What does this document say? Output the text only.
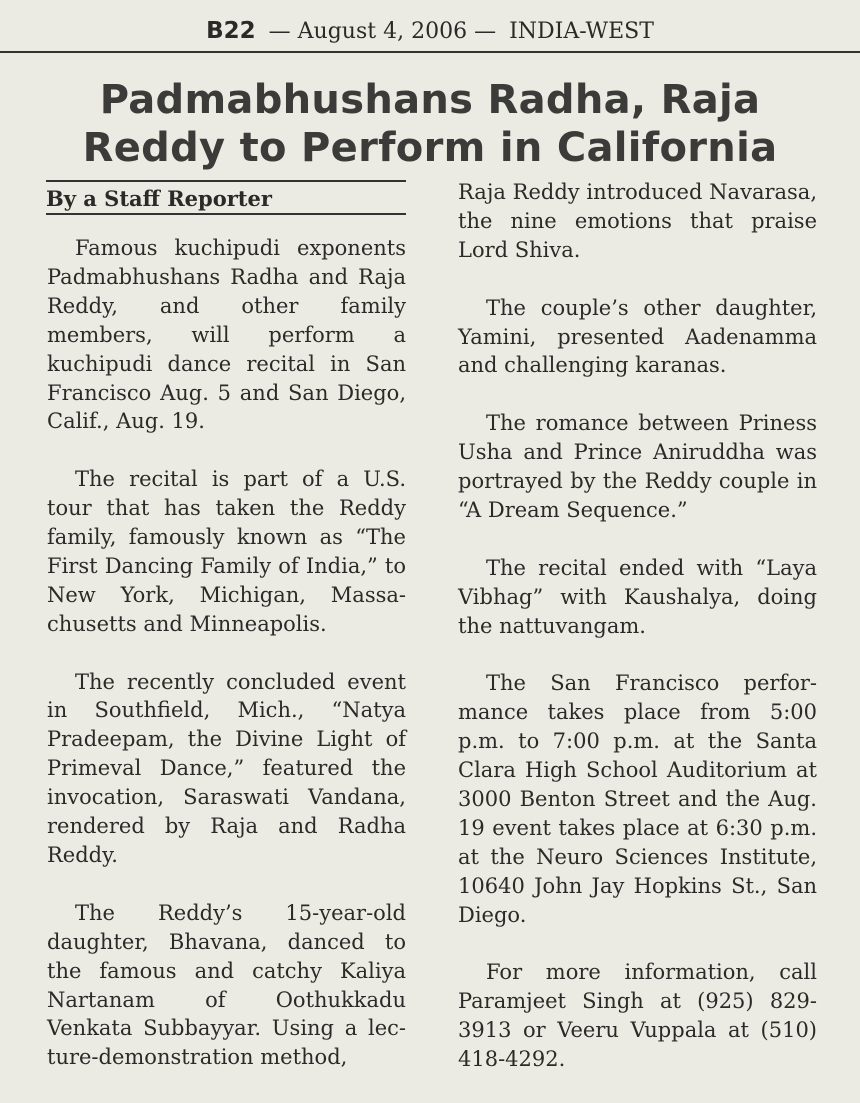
B22 — August 4, 2006 — INDIA-WEST
Padmabhushans Radha, Raja
Reddy to Perform in California
By a Staff Reporter

Famous kuchipudi exponents Padmabhushans Radha and Raja Reddy, and other family members, will perform a kuchipudi dance recital in San Francisco Aug. 5 and San Diego, Calif., Aug. 19.

The recital is part of a U.S. tour that has taken the Reddy family, famously known as “The First Dancing Family of India,” to New York, Michigan, Massa-chusetts and Minneapolis.

The recently concluded event in Southfield, Mich., “Natya Pradeepam, the Divine Light of Primeval Dance,” featured the invocation, Saraswati Vandana, rendered by Raja and Radha Reddy.

The Reddy’s 15-year-old daughter, Bhavana, danced to the famous and catchy Kaliya Nartanam of Oothukkadu Venkata Subbayyar. Using a lec-ture-demonstration method,

Raja Reddy introduced Navarasa, the nine emotions that praise Lord Shiva.

The couple’s other daughter, Yamini, presented Aadenamma and challenging karanas.

The romance between Priness Usha and Prince Aniruddha was portrayed by the Reddy couple in “A Dream Sequence.”

The recital ended with “Laya Vibhag” with Kaushalya, doing the nattuvangam.

The San Francisco perfor-mance takes place from 5:00 p.m. to 7:00 p.m. at the Santa Clara High School Auditorium at 3000 Benton Street and the Aug. 19 event takes place at 6:30 p.m. at the Neuro Sciences Institute, 10640 John Jay Hopkins St., San Diego.

For more information, call Paramjeet Singh at (925) 829-3913 or Veeru Vuppala at (510) 418-4292.
